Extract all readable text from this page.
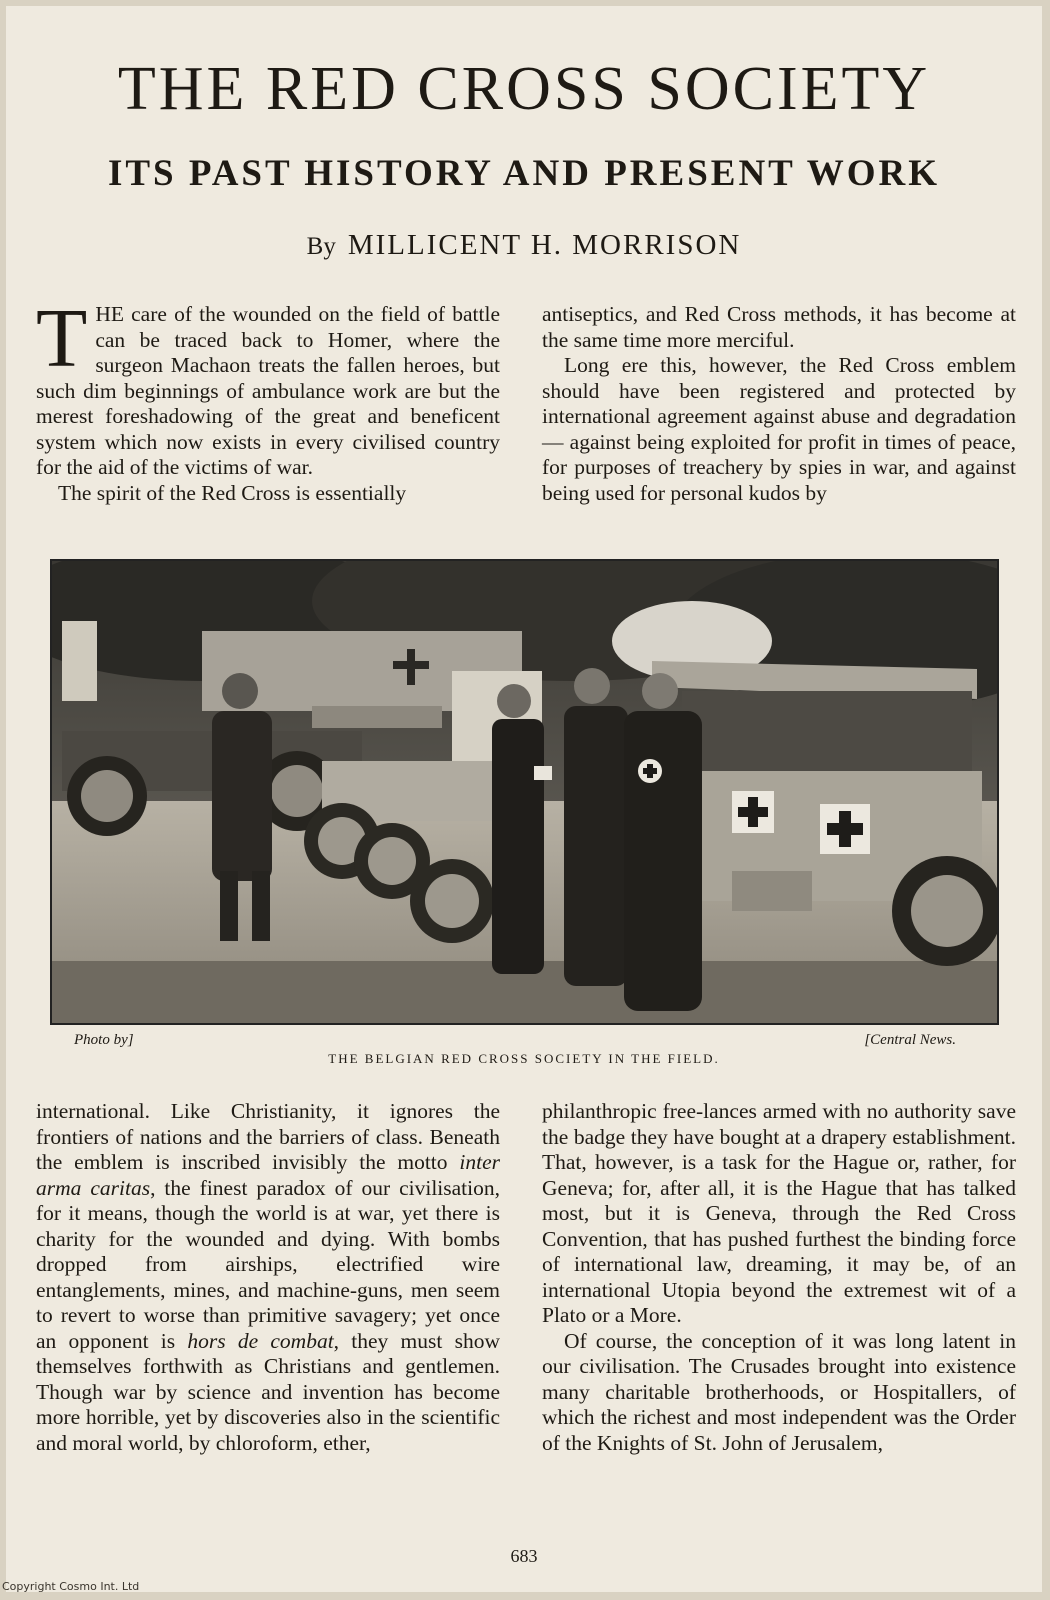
THE RED CROSS SOCIETY
ITS PAST HISTORY AND PRESENT WORK
By MILLICENT H. MORRISON

THE care of the wounded on the field of battle can be traced back to Homer, where the surgeon Machaon treats the fallen heroes, but such dim beginnings of ambulance work are but the merest foreshadowing of the great and beneficent system which now exists in every civilised country for the aid of the victims of war.

The spirit of the Red Cross is essentially

antiseptics, and Red Cross methods, it has become at the same time more merciful.

Long ere this, however, the Red Cross emblem should have been registered and protected by international agreement against abuse and degradation — against being exploited for profit in times of peace, for purposes of treachery by spies in war, and against being used for personal kudos by

Photo by]	[Central News.
THE BELGIAN RED CROSS SOCIETY IN THE FIELD.

international. Like Christianity, it ignores the frontiers of nations and the barriers of class. Beneath the emblem is inscribed invisibly the motto inter arma caritas, the finest paradox of our civilisation, for it means, though the world is at war, yet there is charity for the wounded and dying. With bombs dropped from airships, electrified wire entanglements, mines, and machine-guns, men seem to revert to worse than primitive savagery; yet once an opponent is hors de combat, they must show themselves forthwith as Christians and gentlemen. Though war by science and invention has become more horrible, yet by discoveries also in the scientific and moral world, by chloroform, ether,

philanthropic free-lances armed with no authority save the badge they have bought at a drapery establishment. That, however, is a task for the Hague or, rather, for Geneva; for, after all, it is the Hague that has talked most, but it is Geneva, through the Red Cross Convention, that has pushed furthest the binding force of international law, dreaming, it may be, of an international Utopia beyond the extremest wit of a Plato or a More.

Of course, the conception of it was long latent in our civilisation. The Crusades brought into existence many charitable brotherhoods, or Hospitallers, of which the richest and most independent was the Order of the Knights of St. John of Jerusalem,

683
Copyright Cosmo Int. Ltd
